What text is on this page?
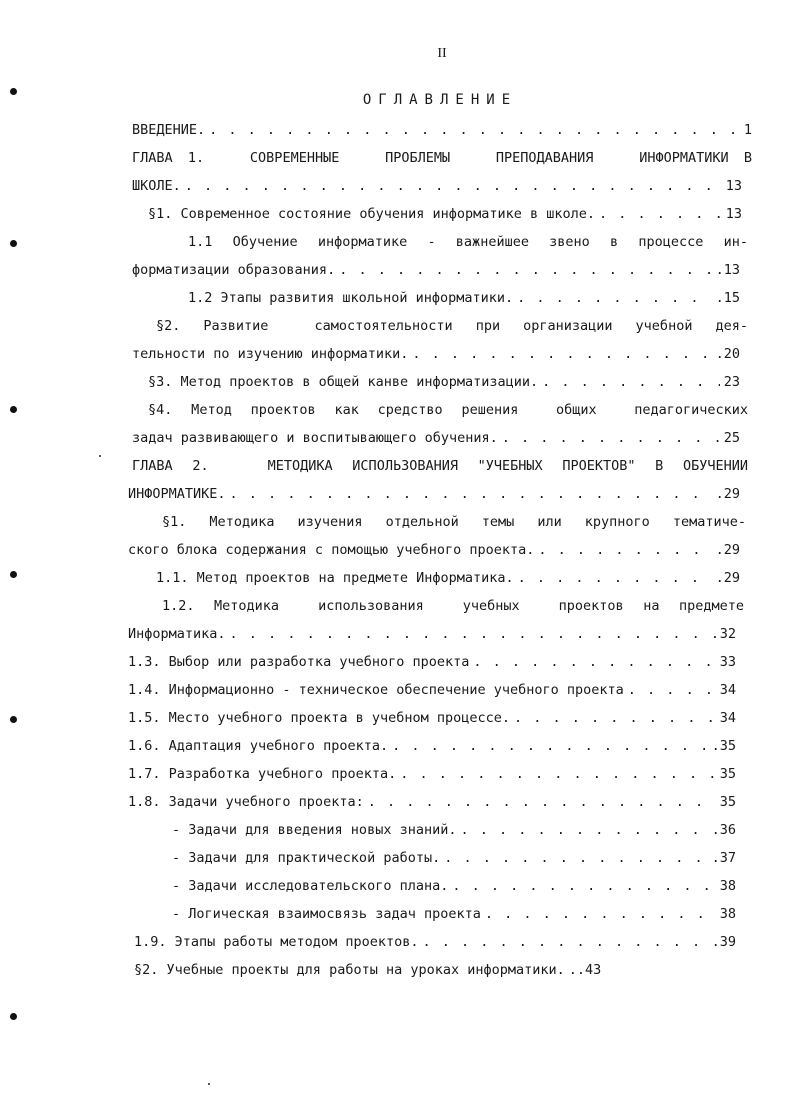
II
ОГЛАВЛЕНИЕ
ВВЕДЕНИЕ. . . .	1
ГЛАВА 1.   СОВРЕМЕННЫЕ   ПРОБЛЕМЫ   ПРЕПОДАВАНИЯ   ИНФОРМАТИКИ В
ШКОЛЕ. . . .	13
§1. Современное состояние обучения информатике в школе. . . .	13
1.1 Обучение информатике - важнейшее звено в процессе ин-
форматизации образования. . . .	.13
1.2 Этапы развития школьной информатики. . . .	.15
§2. Развитие  самостоятельности при организации учебной дея-
тельности по изучению информатики. . . .	.20
§3. Метод проектов в общей канве информатизации. . . .	23
§4. Метод проектов как средство решения  общих  педагогических
задач развивающего и воспитывающего обучения. . . .	25
ГЛАВА 2.   МЕТОДИКА ИСПОЛЬЗОВАНИЯ "УЧЕБНЫХ ПРОЕКТОВ" В ОБУЧЕНИИ
ИНФОРМАТИКЕ. . . .	.29
§1. Методика изучения отдельной темы или крупного тематиче-
ского блока содержания с помощью учебного проекта. . . .	.29
1.1. Метод проектов на предмете Информатика. . . .	.29
1.2. Методика  использования  учебных  проектов на предмете
Информатика. . . .	32
1.3. Выбор или разработка учебного проекта . . .	33
1.4. Информационно - техническое обеспечение учебного проекта . . .	34
1.5. Место учебного проекта в учебном процессе. . . .	34
1.6. Адаптация учебного проекта. . . .	.35
1.7. Разработка учебного проекта. . . .	35
1.8. Задачи учебного проекта: . . .	35
- Задачи для введения новых знаний. . . .	.36
- Задачи для практической работы. . . .	.37
- Задачи исследовательского плана. . . .	38
- Логическая взаимосвязь задач проекта . . .	38
1.9. Этапы работы методом проектов. . . .	.39
§2. Учебные проекты для работы на уроках информатики. ..43
